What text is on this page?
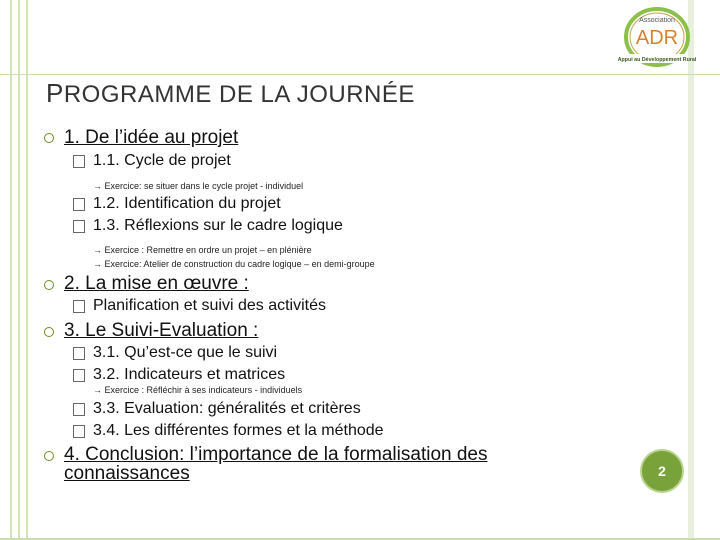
Association
ADR
Appui au Développement Rural
PROGRAMME DE LA JOURNÉE
1. De l’idée au projet
1.1. Cycle de projet
→ Exercice: se situer dans le cycle projet - individuel
1.2. Identification du projet
1.3. Réflexions sur le cadre logique
→ Exercice : Remettre en ordre un projet – en plénière
→ Exercice: Atelier de construction du cadre logique – en demi-groupe
2. La mise en œuvre :
Planification et suivi des activités
3. Le Suivi-Evaluation :
3.1. Qu’est-ce que le suivi
3.2. Indicateurs et matrices
→ Exercice : Réfléchir à ses indicateurs - individuels
3.3. Evaluation: généralités et critères
3.4. Les différentes formes et la méthode
4. Conclusion: l’importance de la formalisation des
connaissances	2
